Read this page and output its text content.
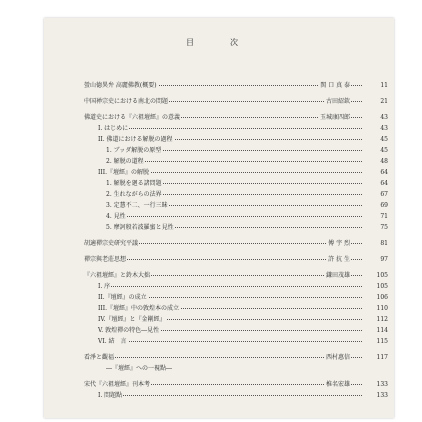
目　次
螢山德異弁 高麗佛教(概要)	関 口 真 泰	11
中国禅宗史における南北の問題	古田紹欽	21
佛道史における『六祖壇經』の意義	玉城康四郎	43
I. はじめに	43
II. 佛道における解脱の過程	45
1. ブッダ解脱の原型	45
2. 解脱の道程	48
III.『壇經』の解脱	64
1. 解脱を廻る諸問題	64
2. 生れながらの法界	67
3. 定慧不二、一行三昧	69
4. 見性	71
5. 摩訶般若波羅蜜と見性	75
胡適禪宗史研究平議	傅 宇 烈	81
禪宗與老莊思想	許 抗 生	97
『六祖壇經』と鈴木大拙	鎌田茂雄	105
I. 序	105
II.『壇經』の成立	106
III.『壇經』中の敦煌本の成立	110
IV.『壇經』と『金剛經』	112
V. 敦煌禪の特色―見性	114
VI. 結　言	115
看淨と觀福	西村惠信	117
―『壇經』への一視點―
宋代『六祖壇經』刊本考	椎名宏雄	133
I. 問題點	133
